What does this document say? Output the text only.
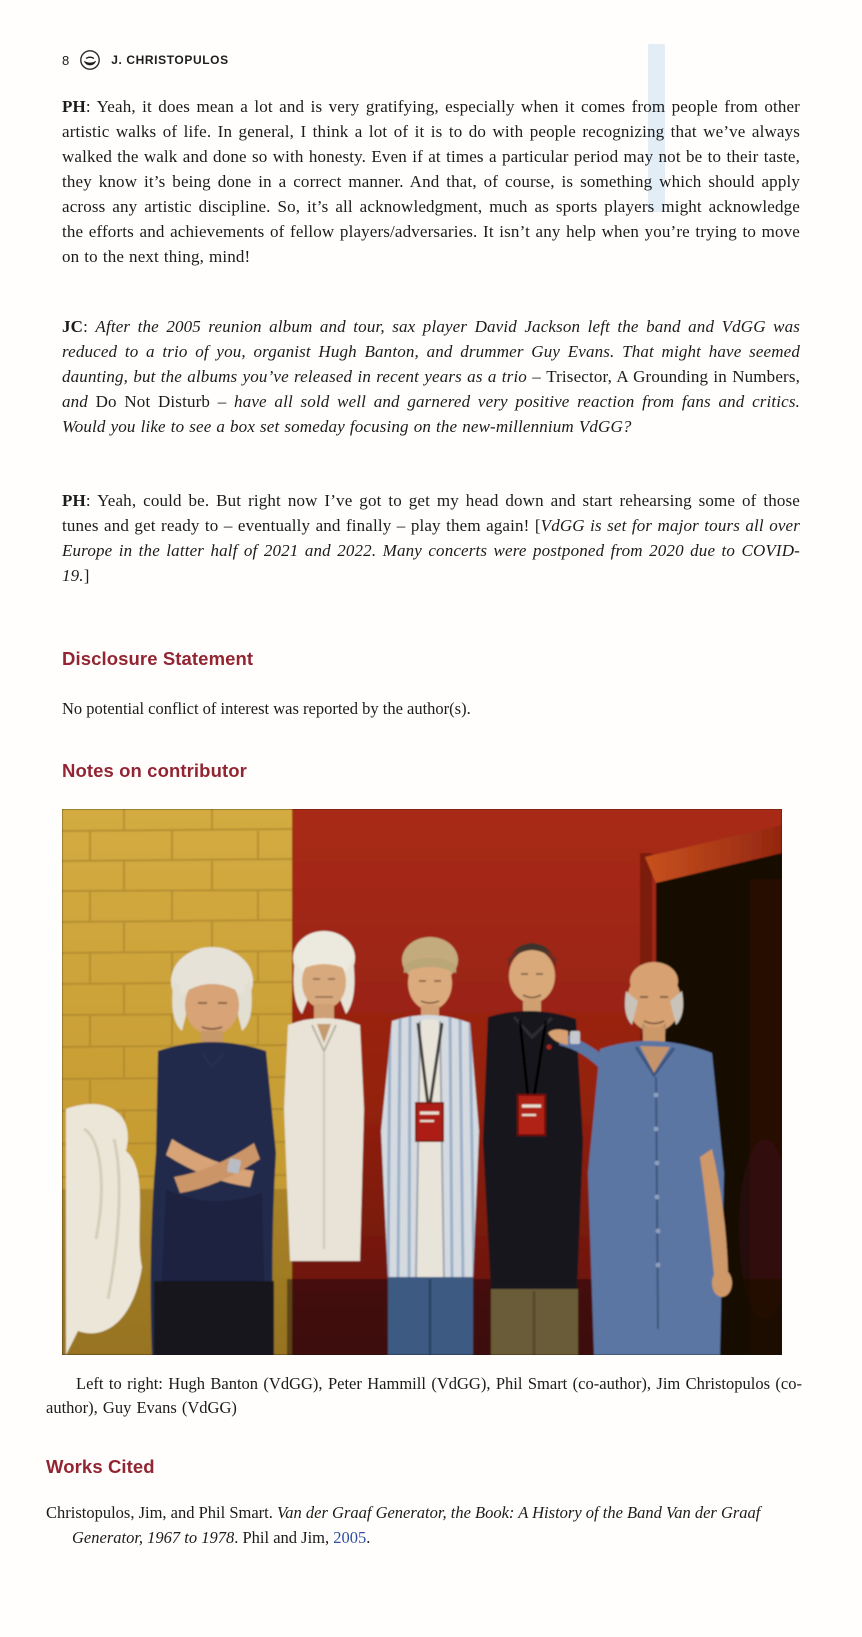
8	J. CHRISTOPULOS

PH: Yeah, it does mean a lot and is very gratifying, especially when it comes from people from other artistic walks of life. In general, I think a lot of it is to do with people recognizing that we’ve always walked the walk and done so with honesty. Even if at times a particular period may not be to their taste, they know it’s being done in a correct manner. And that, of course, is something which should apply across any artistic discipline. So, it’s all acknowledgment, much as sports players might acknowledge the efforts and achievements of fellow players/adversaries. It isn’t any help when you’re trying to move on to the next thing, mind!

JC: After the 2005 reunion album and tour, sax player David Jackson left the band and VdGG was reduced to a trio of you, organist Hugh Banton, and drummer Guy Evans. That might have seemed daunting, but the albums you’ve released in recent years as a trio – Trisector, A Grounding in Numbers, and Do Not Disturb – have all sold well and garnered very positive reaction from fans and critics. Would you like to see a box set someday focusing on the new-millennium VdGG?

PH: Yeah, could be. But right now I’ve got to get my head down and start rehearsing some of those tunes and get ready to – eventually and finally – play them again! [VdGG is set for major tours all over Europe in the latter half of 2021 and 2022. Many concerts were postponed from 2020 due to COVID-19.]

Disclosure Statement

No potential conflict of interest was reported by the author(s).

Notes on contributor

Left to right: Hugh Banton (VdGG), Peter Hammill (VdGG), Phil Smart (co-author), Jim Christopulos (co-author), Guy Evans (VdGG)

Works Cited

Christopulos, Jim, and Phil Smart. Van der Graaf Generator, the Book: A History of the Band Van der Graaf Generator, 1967 to 1978. Phil and Jim, 2005.
